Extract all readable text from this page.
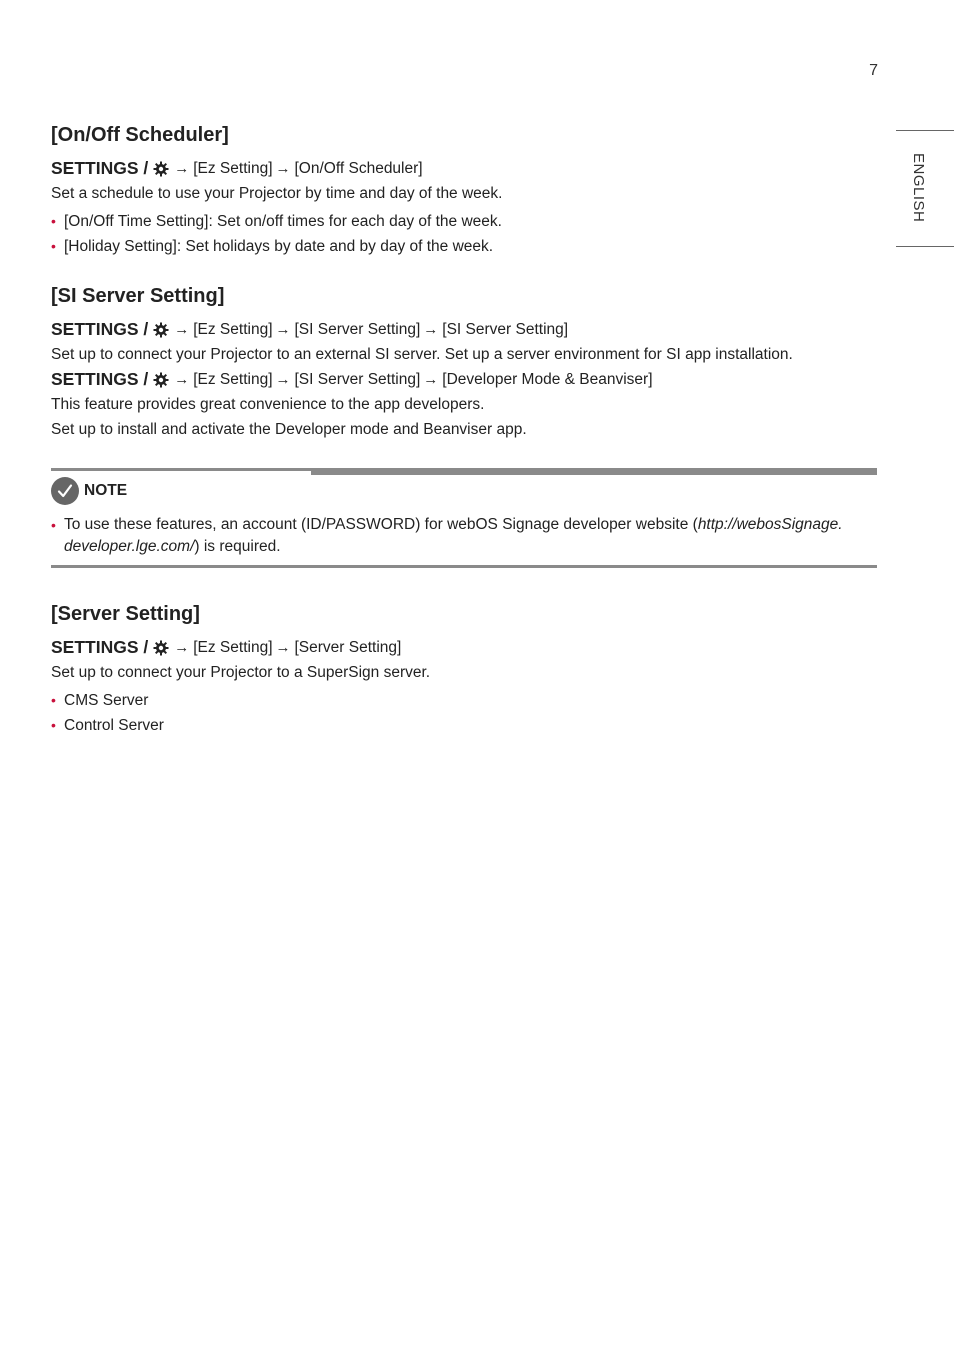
7
ENGLISH
[On/Off Scheduler]
SETTINGS / → [Ez Setting] → [On/Off Scheduler]

Set a schedule to use your Projector by time and day of the week.

• [On/Off Time Setting]: Set on/off times for each day of the week.
• [Holiday Setting]: Set holidays by date and by day of the week.
[SI Server Setting]
SETTINGS / → [Ez Setting] → [SI Server Setting] → [SI Server Setting]

Set up to connect your Projector to an external SI server. Set up a server environment for SI app installation.

SETTINGS / → [Ez Setting] → [SI Server Setting] → [Developer Mode & Beanviser]

This feature provides great convenience to the app developers.

Set up to install and activate the Developer mode and Beanviser app.

NOTE
• To use these features, an account (ID/PASSWORD) for webOS Signage developer website (http://webosSignage.
developer.lge.com/) is required.
[Server Setting]
SETTINGS / → [Ez Setting] → [Server Setting]

Set up to connect your Projector to a SuperSign server.

• CMS Server
• Control Server
